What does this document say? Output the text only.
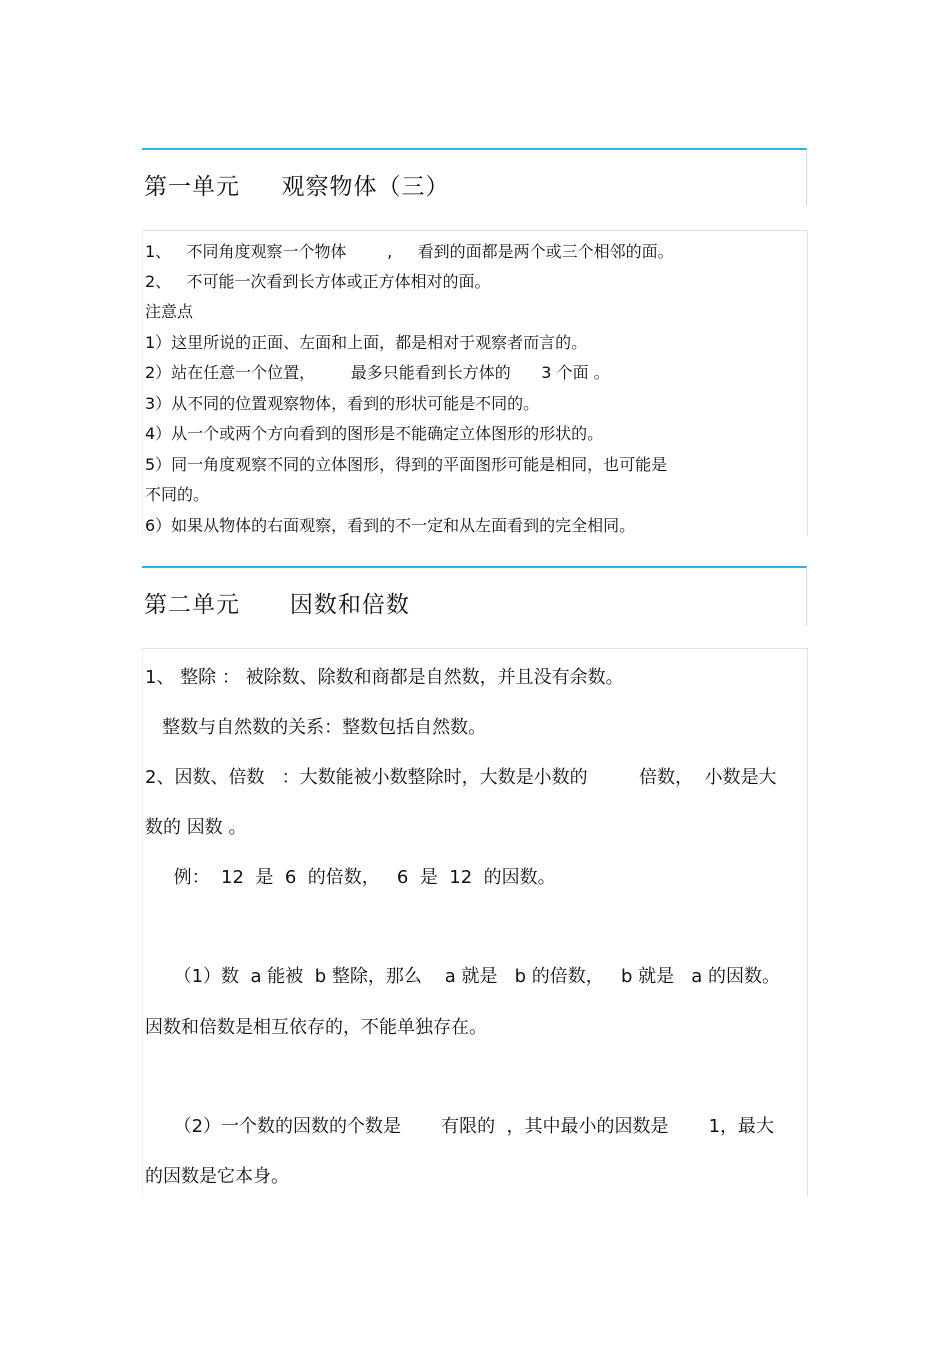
第一单元     观察物体（三）
1、   不同角度观察一个物体        ,     看到的面都是两个或三个相邻的面。
2、   不可能一次看到长方体或正方体相对的面。
注意点
1）这里所说的正面、左面和上面，都是相对于观察者而言的。
2）站在任意一个位置，       最多只能看到长方体的      3 个面 。
3）从不同的位置观察物体，看到的形状可能是不同的。
4）从一个或两个方向看到的图形是不能确定立体图形的形状的。
5）同一角度观察不同的立体图形，得到的平面图形可能是相同，也可能是
不同的。
6）如果从物体的右面观察，看到的不一定和从左面看到的完全相同。
第二单元      因数和倍数
1、 整除 ： 被除数、除数和商都是自然数，并且没有余数。
整数与自然数的关系：整数包括自然数。
2、因数、倍数   ：大数能被小数整除时，大数是小数的         倍数，  小数是大
数的 因数 。
例：  12  是  6  的倍数，   6  是  12  的因数。
（1）数  a 能被  b 整除，那么    a 就是   b 的倍数，   b 就是   a 的因数。
因数和倍数是相互依存的，不能单独存在。
（2）一个数的因数的个数是       有限的  ，其中最小的因数是       1，最大
的因数是它本身。
